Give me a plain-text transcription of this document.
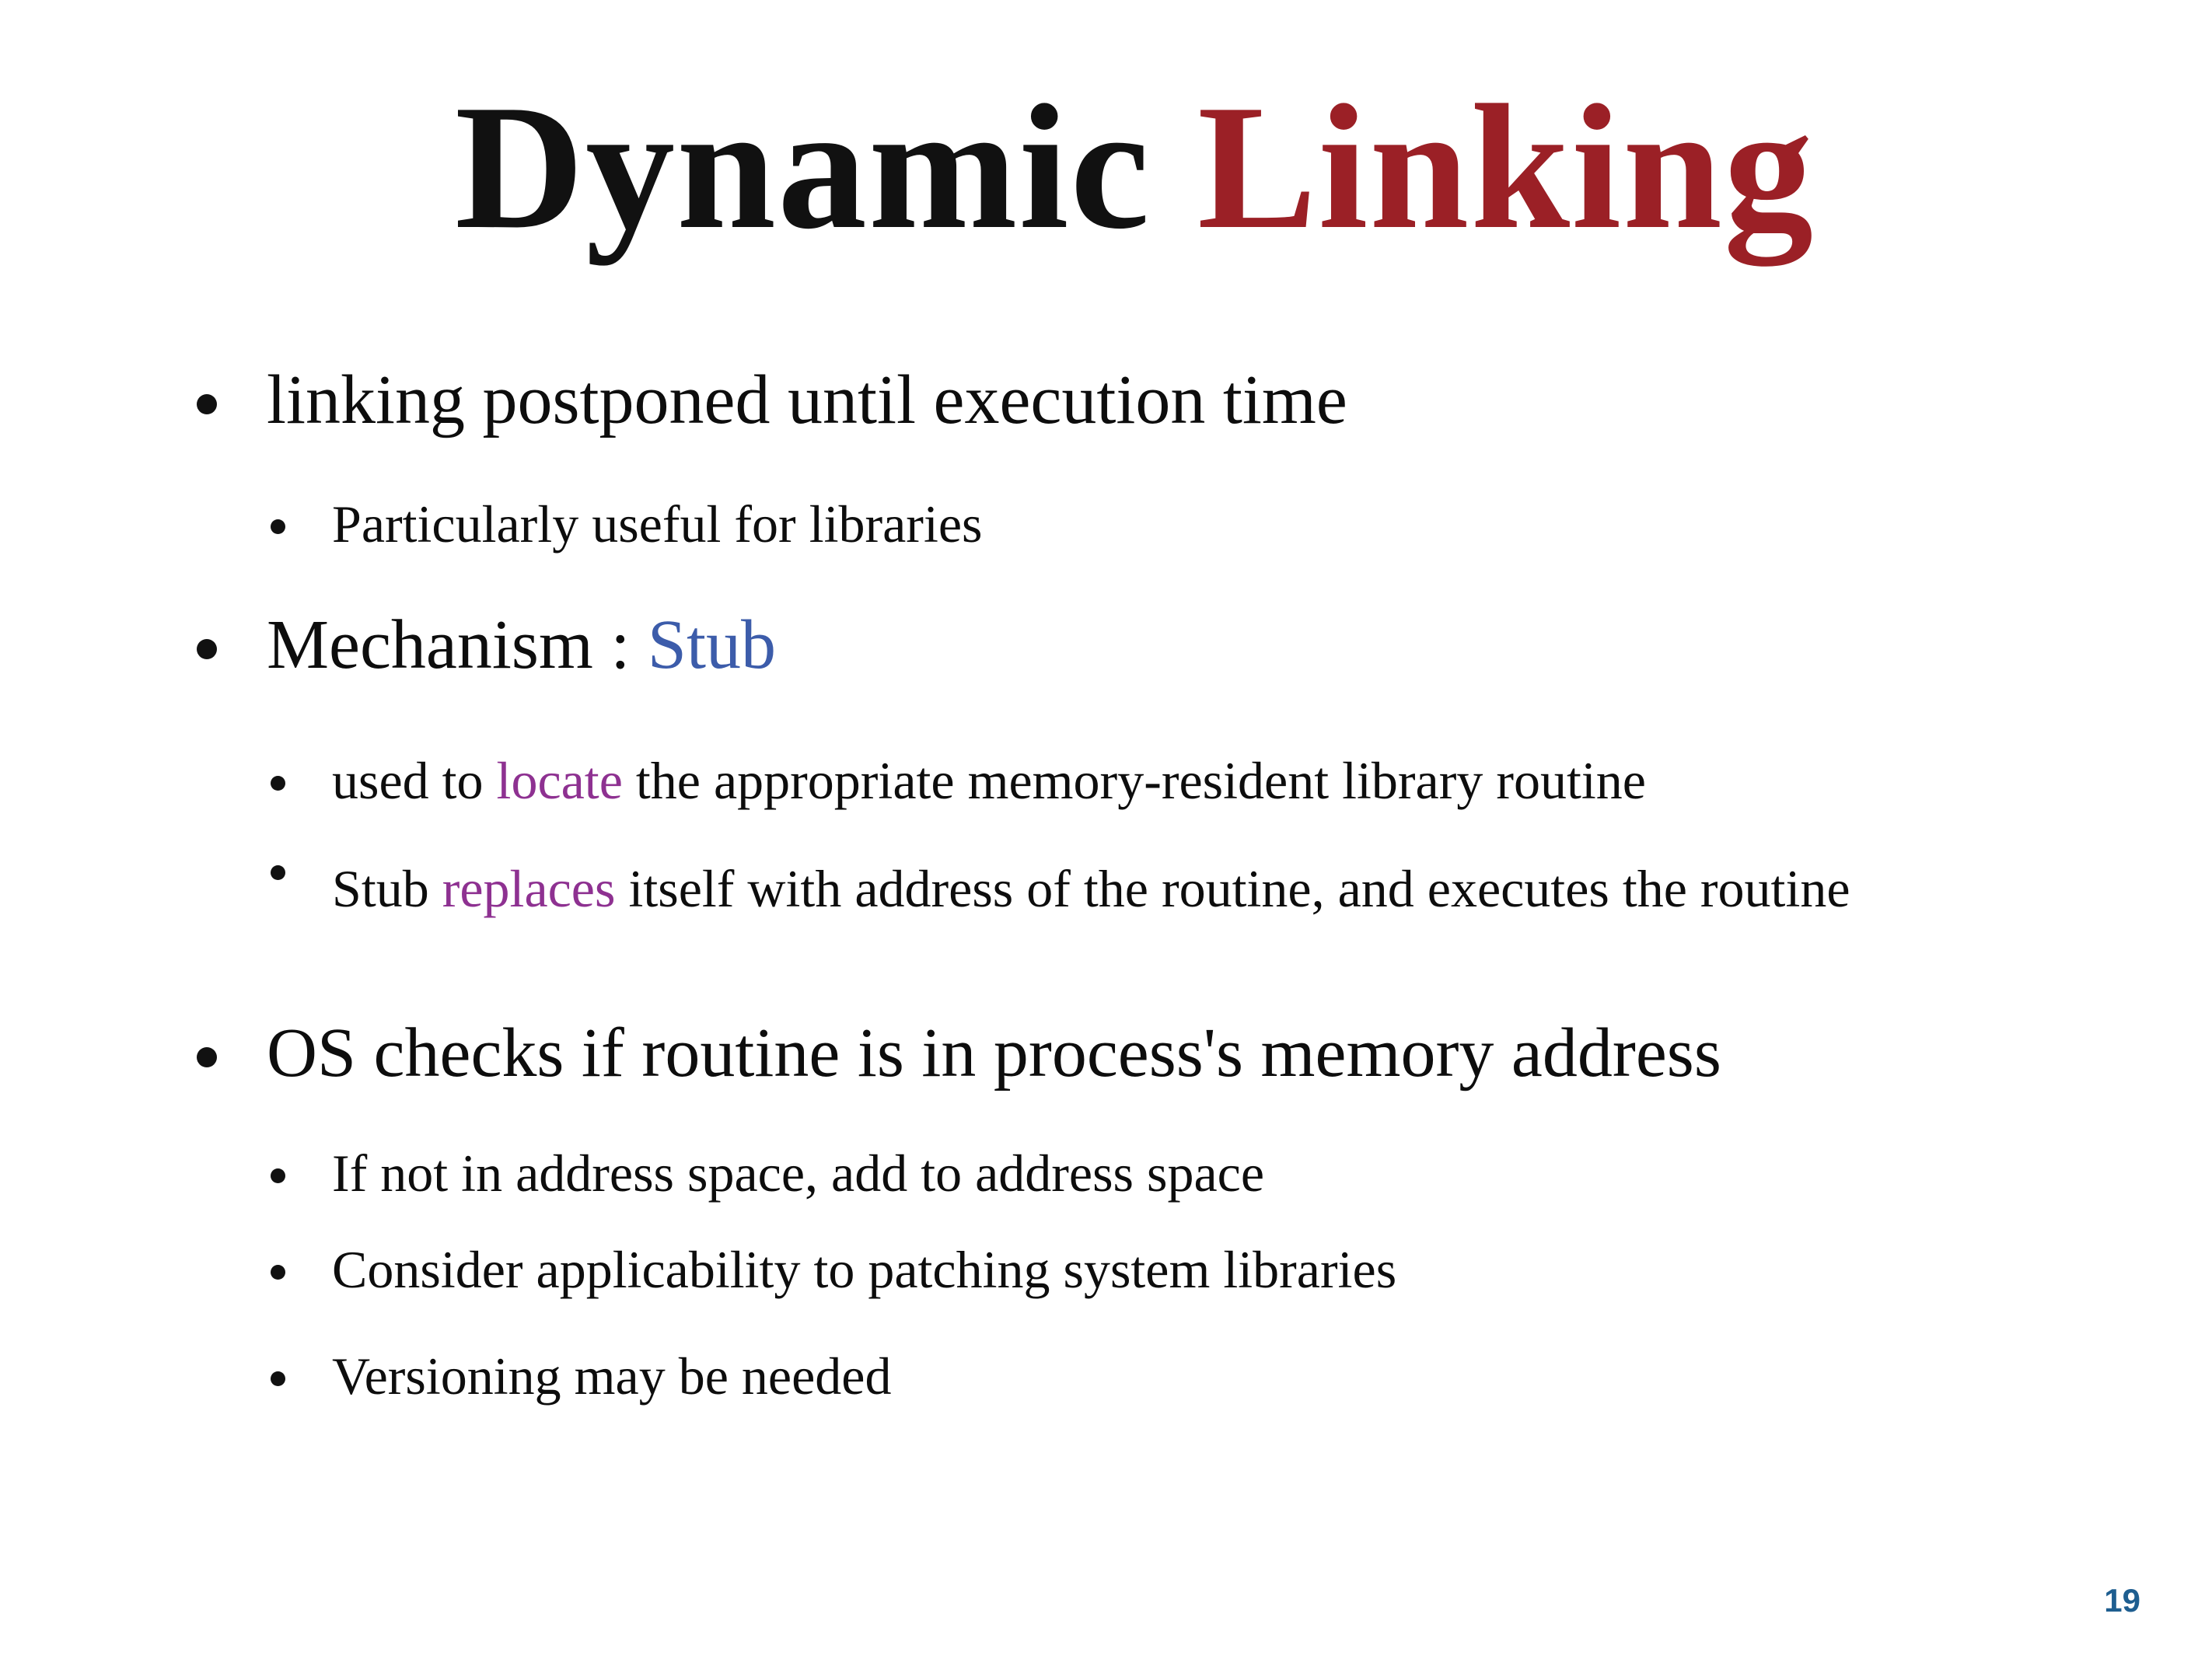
Dynamic Linking
linking postponed until execution time
Particularly useful for libraries
Mechanism : Stub
used to locate the appropriate memory-resident library routine
Stub replaces itself with address of the routine, and executes the routine
OS checks if routine is in process's memory address
If not in address space, add to address space
Consider applicability to patching system libraries
Versioning may be needed
19
